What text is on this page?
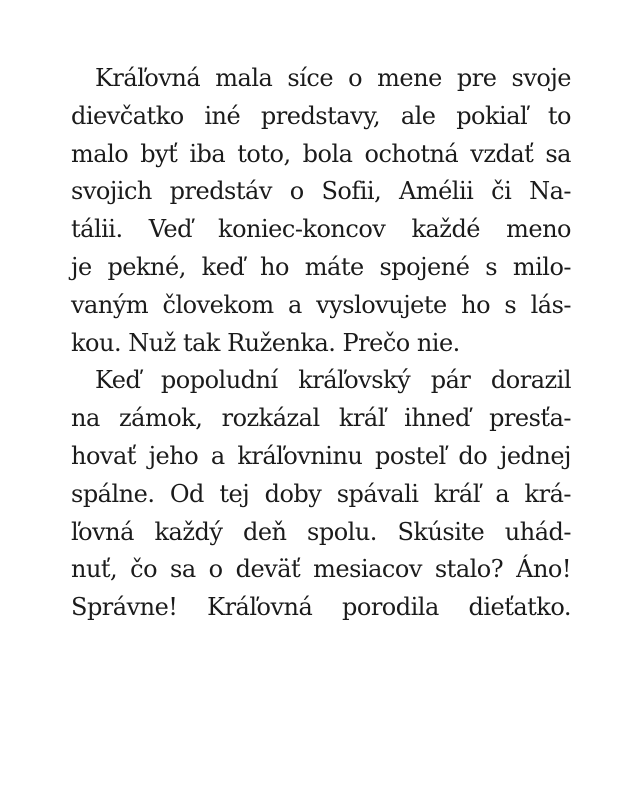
Kráľovná mala síce o mene pre svoje
dievčatko iné predstavy, ale pokiaľ to
malo byť iba toto, bola ochotná vzdať sa
svojich predstáv o Sofii, Amélii či Na-
tálii. Veď koniec-koncov každé meno
je pekné, keď ho máte spojené s milo-
vaným človekom a vyslovujete ho s lás-
kou. Nuž tak Ruženka. Prečo nie.

Keď popoludní kráľovský pár dorazil
na zámok, rozkázal kráľ ihneď presťa-
hovať jeho a kráľovninu posteľ do jednej
spálne. Od tej doby spávali kráľ a krá-
ľovná každý deň spolu. Skúsite uhád-
nuť, čo sa o deväť mesiacov stalo? Áno!
Správne! Kráľovná porodila dieťatko.
